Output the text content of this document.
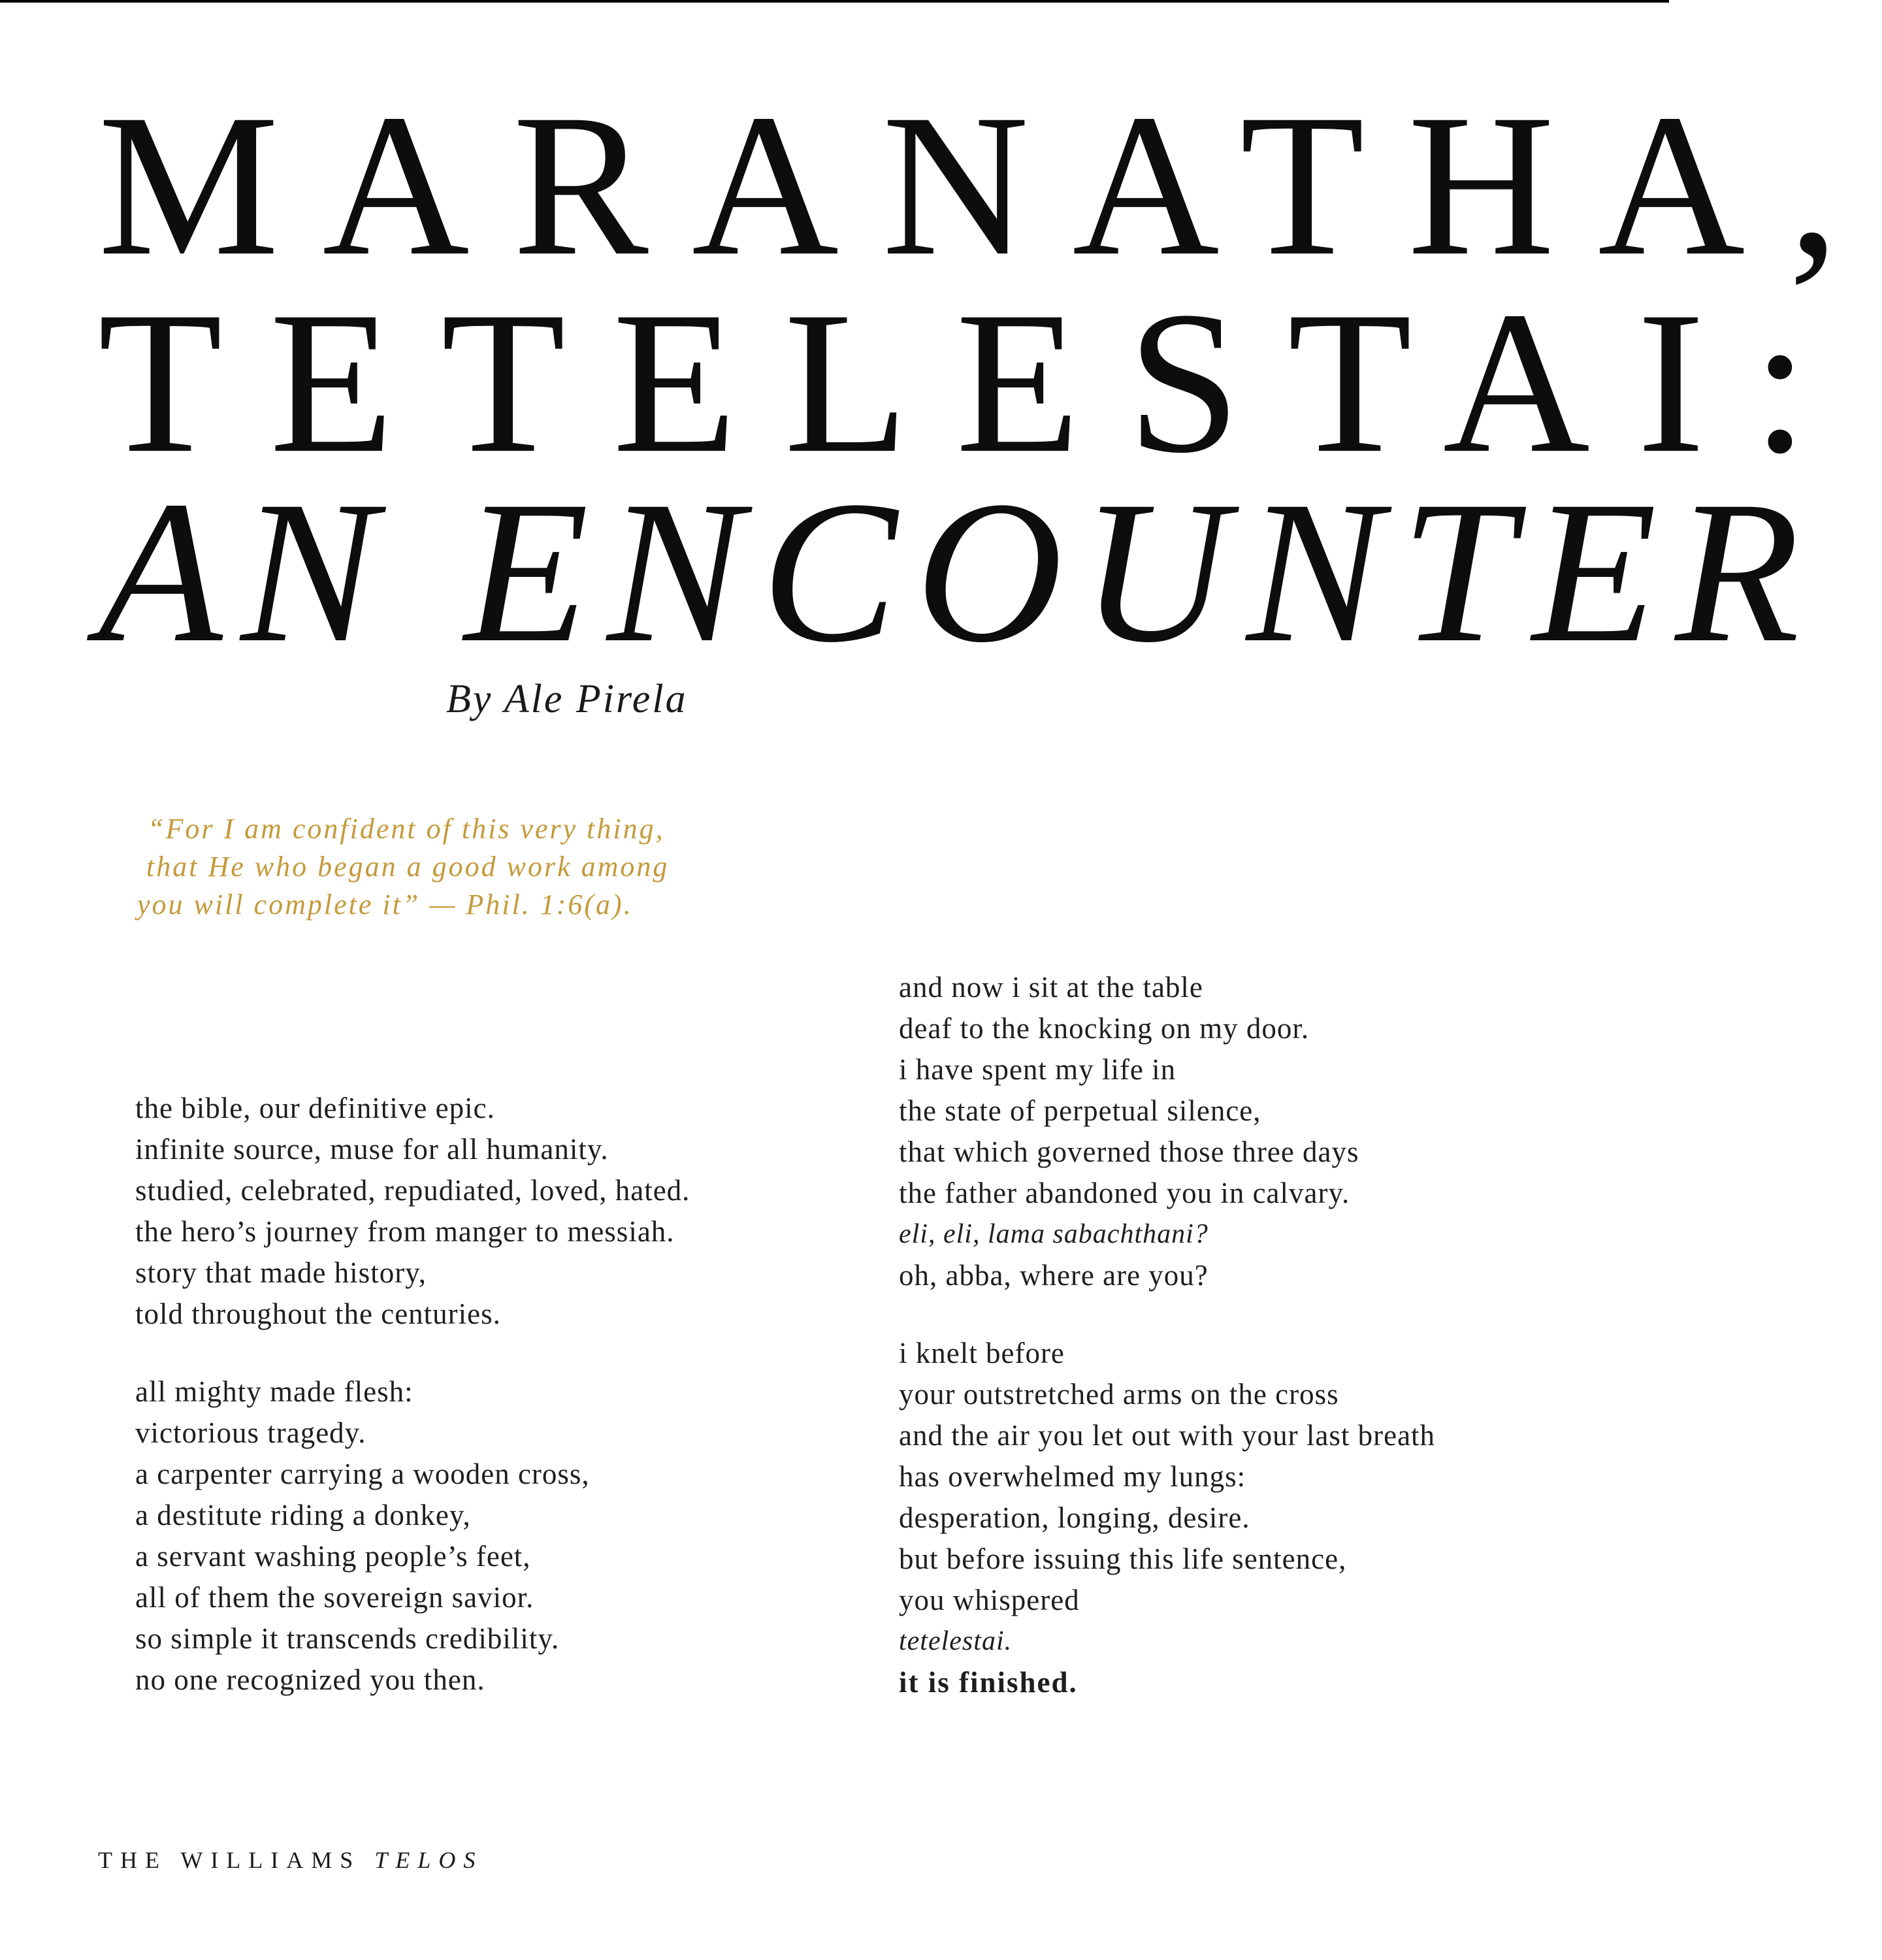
MARANATHA,
TETELESTAI:
AN ENCOUNTER
By Ale Pirela
“For I am confident of this very thing,
that He who began a good work among
you will complete it” — Phil. 1:6(a).
the bible, our definitive epic.
infinite source, muse for all humanity.
studied, celebrated, repudiated, loved, hated.
the hero’s journey from manger to messiah.
story that made history,
told throughout the centuries.
all mighty made flesh:
victorious tragedy.
a carpenter carrying a wooden cross,
a destitute riding a donkey,
a servant washing people’s feet,
all of them the sovereign savior.
so simple it transcends credibility.
no one recognized you then.
and now i sit at the table
deaf to the knocking on my door.
i have spent my life in
the state of perpetual silence,
that which governed those three days
the father abandoned you in calvary.
eli, eli, lama sabachthani?
oh, abba, where are you?
i knelt before
your outstretched arms on the cross
and the air you let out with your last breath
has overwhelmed my lungs:
desperation, longing, desire.
but before issuing this life sentence,
you whispered
tetelestai.
it is finished.
THE WILLIAMS TELOS
